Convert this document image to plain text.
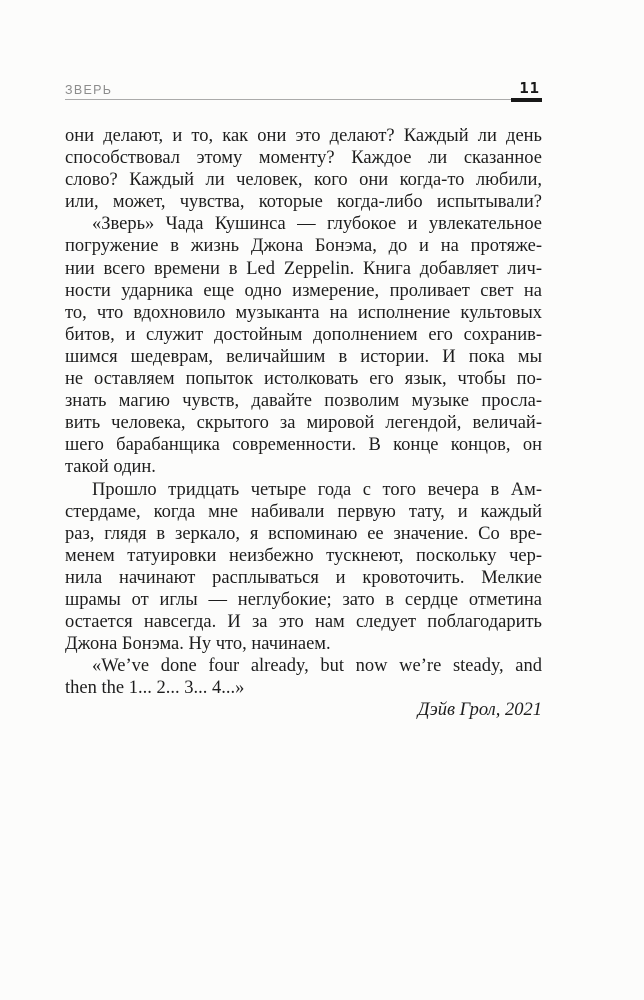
ЗВЕРЬ	11
они делают, и то, как они это делают? Каждый ли день
способствовал этому моменту? Каждое ли сказанное
слово? Каждый ли человек, кого они когда-то любили,
или, может, чувства, которые когда-либо испытывали?
«Зверь» Чада Кушинса — глубокое и увлекательное
погружение в жизнь Джона Бонэма, до и на протяже-
нии всего времени в Led Zeppelin. Книга добавляет лич-
ности ударника еще одно измерение, проливает свет на
то, что вдохновило музыканта на исполнение культовых
битов, и служит достойным дополнением его сохранив-
шимся шедеврам, величайшим в истории. И пока мы
не оставляем попыток истолковать его язык, чтобы по-
знать магию чувств, давайте позволим музыке просла-
вить человека, скрытого за мировой легендой, величай-
шего барабанщика современности. В конце концов, он
такой один.
Прошло тридцать четыре года с того вечера в Ам-
стердаме, когда мне набивали первую тату, и каждый
раз, глядя в зеркало, я вспоминаю ее значение. Со вре-
менем татуировки неизбежно тускнеют, поскольку чер-
нила начинают расплываться и кровоточить. Мелкие
шрамы от иглы — неглубокие; зато в сердце отметина
остается навсегда. И за это нам следует поблагодарить
Джона Бонэма. Ну что, начинаем.
«We’ve done four already, but now we’re steady, and
then the 1... 2... 3... 4...»
Дэйв Грол, 2021
